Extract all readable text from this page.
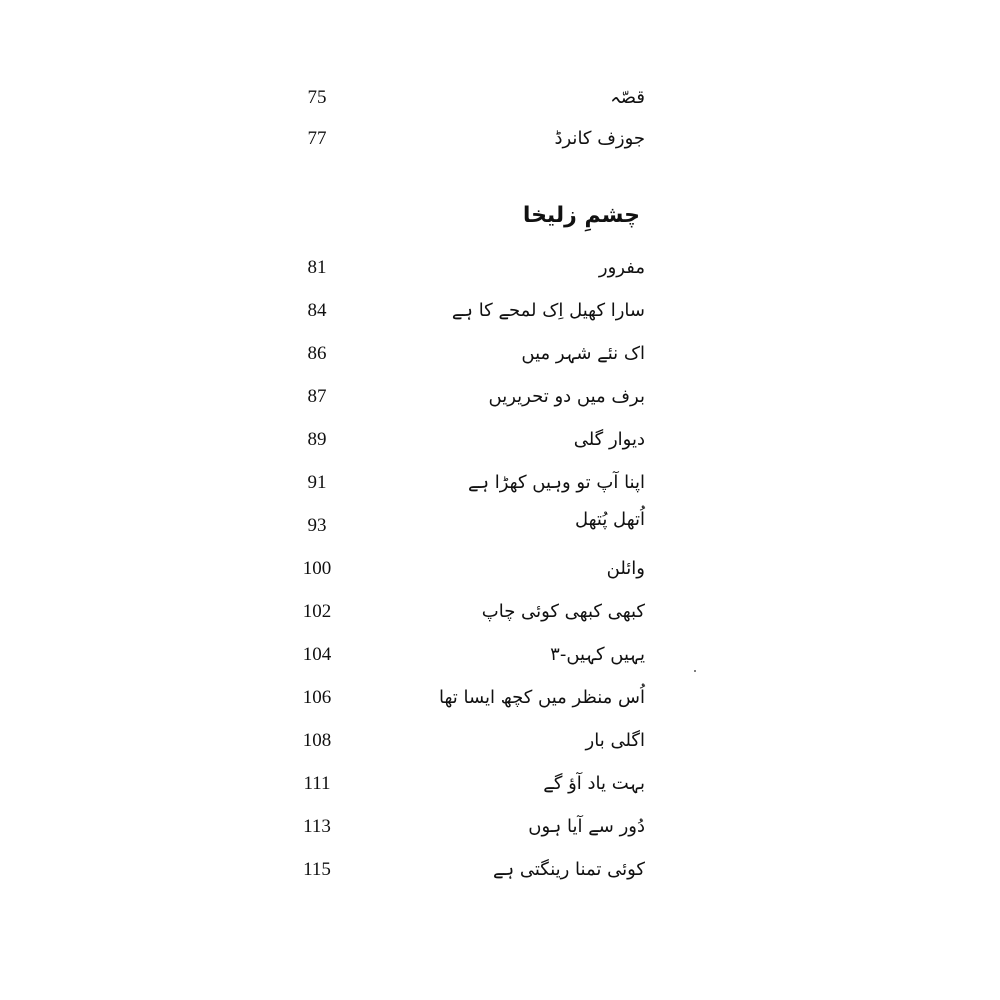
75	قصّہ
77	جوزف کانرڈ
چشمِ زلیخا
81	مفرور
84	سارا کھیل اِک لمحے کا ہے
86	اک نئے شہر میں
87	برف میں دو تحریریں
89	دیوار گلی
91	اپنا آپ تو وہیں کھڑا ہے
93	اُتھل پُتھل
100	وائلن
102	کبھی کبھی کوئی چاپ
104	یہیں کہیں-۳
106	اُس منظر میں کچھ ایسا تھا
108	اگلی بار
111	بہت یاد آؤ گے
113	دُور سے آیا ہوں
115	کوئی تمنا رینگتی ہے
